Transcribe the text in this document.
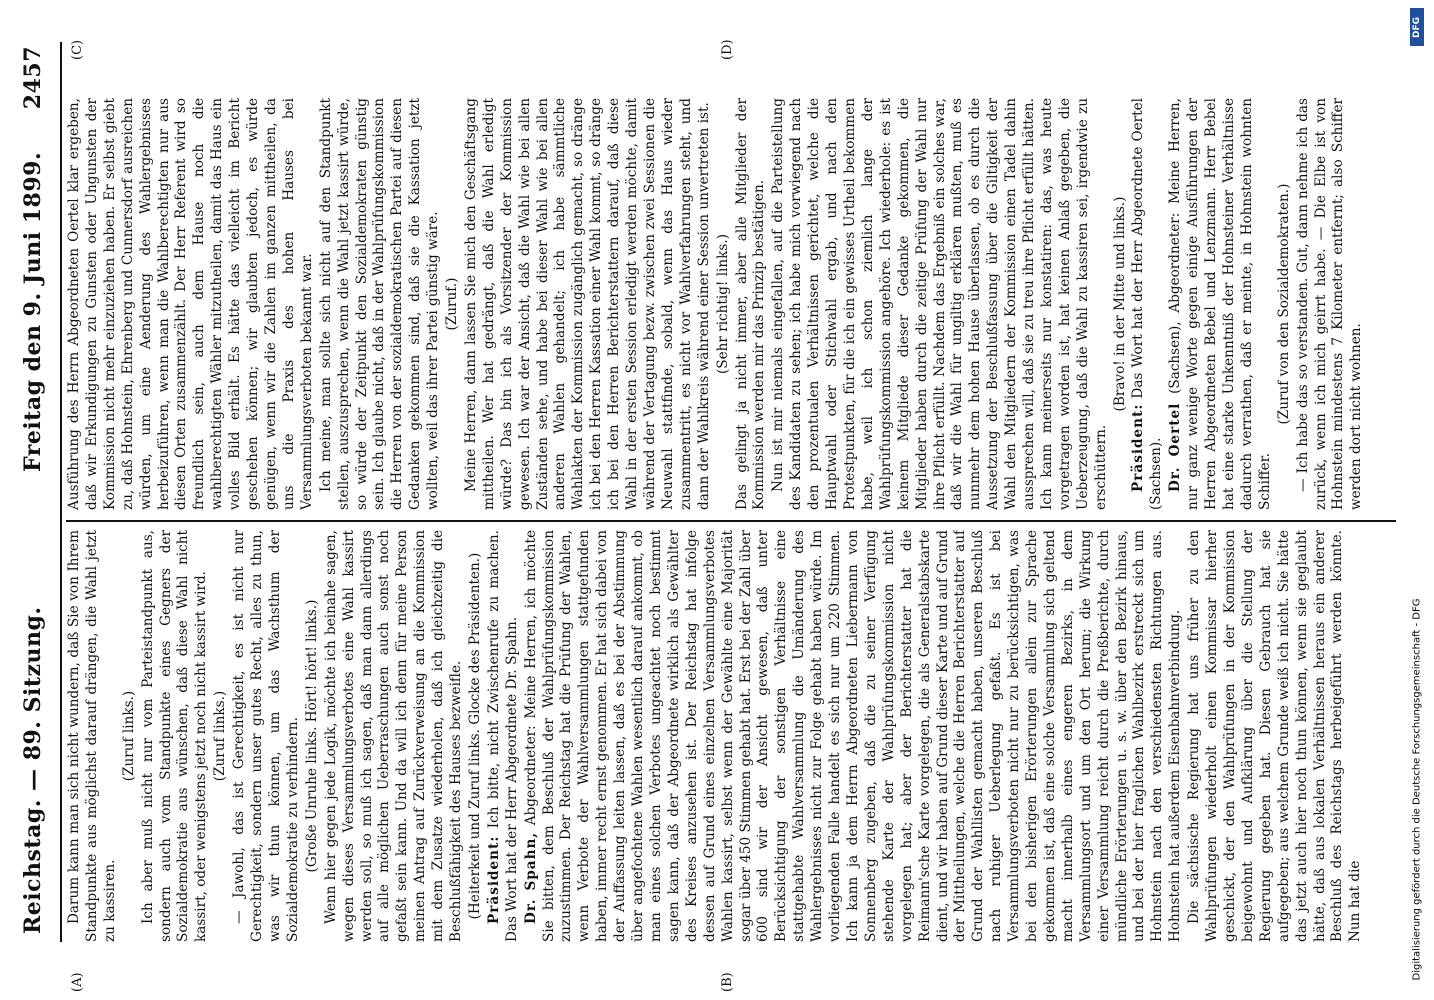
Reichstag. — 89. Sitzung.
Freitag den 9. Juni 1899.
2457
(A)	(B)
(C)	(D)

Darum kann man sich nicht wundern, daß Sie von Ihrem Standpunkte aus möglichst darauf drängen, die Wahl jetzt zu kassiren.

(Zuruf links.) Ich aber muß nicht nur vom Parteistandpunkt aus, sondern auch vom Standpunkte eines Gegners der Sozialdemokratie aus wünschen, daß diese Wahl nicht kassirt, oder wenigstens jetzt noch nicht kassirt wird. (Zuruf links.) — Jawohl, das ist Gerechtigkeit, es ist nicht nur Gerechtigkeit, sondern unser gutes Recht, alles zu thun, was wir thun können, um das Wachsthum der Sozialdemokratie zu verhindern. (Große Unruhe links. Hört! hört! links.) Wenn hier gegen jede Logik, möchte ich beinahe sagen, wegen dieses Versammlungsverbotes eine Wahl kassirt werden soll, so muß ich sagen, daß man dann allerdings auf alle möglichen Ueberraschungen auch sonst noch gefaßt sein kann. Und da will ich denn für meine Person meinen Antrag auf Zurückverweisung an die Kommission mit dem Zusatze wiederholen, daß ich gleichzeitig die Beschlußfähigkeit des Hauses bezweifle. (Heiterkeit und Zuruf links. Glocke des Präsidenten.) Präsident: Ich bitte, nicht Zwischenrufe zu machen. Das Wort hat der Herr Abgeordnete Dr. Spahn. Dr. Spahn, Abgeordneter: Meine Herren, ich möchte Sie bitten, dem Beschluß der Wahlprüfungskommission zuzustimmen. Der Reichstag hat die Prüfung der Wahlen, wenn Verbote der Wahlversammlungen stattgefunden haben, immer recht ernst genommen. Er hat sich dabei von der Auffassung leiten lassen, daß es bei der Abstimmung über angefochtene Wahlen wesentlich darauf ankommt, ob man eines solchen Verbotes ungeachtet noch bestimmt sagen kann, daß der Abgeordnete wirklich als Gewählter des Kreises anzusehen ist. Der Reichstag hat infolge dessen auf Grund eines einzelnen Versammlungsverbotes Wahlen kassirt, selbst wenn der Gewählte eine Majorität sogar über 450 Stimmen gehabt hat. Erst bei der Zahl über 600 sind wir der Ansicht gewesen, daß unter Berücksichtigung der sonstigen Verhältnisse eine stattgehabte Wahlversammlung die Umänderung des Wahlergebnisses nicht zur Folge gehabt haben würde. Im vorliegenden Falle handelt es sich nur um 220 Stimmen. Ich kann ja dem Herrn Abgeordneten Liebermann von Sonnenberg zugeben, daß die zu seiner Verfügung stehende Karte der Wahlprüfungskommission nicht vorgelegen hat; aber der Berichterstatter hat die Reimann'sche Karte vorgelegen, die als Generalstabskarte dient, und wir haben auf Grund dieser Karte und auf Grund der Mittheilungen, welche die Herren Berichterstatter auf Grund der Wahllisten gemacht haben, unseren Beschluß nach ruhiger Ueberlegung gefaßt. Es ist bei Versammlungsverboten nicht nur zu berücksichtigen, was bei den bisherigen Erörterungen allein zur Sprache gekommen ist, daß eine solche Versammlung sich geltend macht innerhalb eines engeren Bezirks, in dem Versammlungsort und um den Ort herum; die Wirkung einer Versammlung reicht durch die Preßberichte, durch mündliche Erörterungen u. s. w. über den Bezirk hinaus, und bei der hier fraglichen Wahlbezirk erstreckt sich um Hohnstein nach den verschiedensten Richtungen aus. Hohnstein hat außerdem Eisenbahnverbindung. Die sächsische Regierung hat uns früher zu den Wahlprüfungen wiederholt einen Kommissar hierher geschickt, der den Wahlprüfungen in der Kommission beigewohnt und Aufklärung über die Stellung der Regierung gegeben hat. Diesen Gebrauch hat sie aufgegeben; aus welchem Grunde weiß ich nicht. Sie hätte das jetzt auch hier noch thun können, wenn sie geglaubt hätte, daß aus lokalen Verhältnissen heraus ein anderer Beschluß des Reichstags herbeigeführt werden könnte. Nun hat die

Ausführung des Herrn Abgeordneten Oertel klar ergeben, daß wir Erkundigungen zu Gunsten oder Ungunsten der Kommission nicht mehr einzuziehen haben. Er selbst giebt zu, daß Hohnstein, Ehrenberg und Cunnersdorf ausreichen würden, um eine Aenderung des Wahlergebnisses herbeizuführen, wenn man die Wahlberechtigten nur aus diesen Orten zusammenzählt. Der Herr Referent wird so freundlich sein, auch dem Hause noch die wahlberechtigten Wähler mitzutheilen, damit das Haus ein volles Bild erhält. Es hätte das vielleicht im Bericht geschehen können; wir glaubten jedoch, es würde genügen, wenn wir die Zahlen im ganzen mittheilen, da uns die Praxis des hohen Hauses bei Versammlungsverboten bekannt war. Ich meine, man sollte sich nicht auf den Standpunkt stellen, auszusprechen, wenn die Wahl jetzt kassirt würde, so würde der Zeitpunkt den Sozialdemokraten günstig sein. Ich glaube nicht, daß in der Wahlprüfungskommission die Herren von der sozialdemokratischen Partei auf diesen Gedanken gekommen sind, daß sie die Kassation jetzt wollten, weil das ihrer Partei günstig wäre. (Zuruf.) Meine Herren, dann lassen Sie mich den Geschäftsgang mittheilen. Wer hat gedrängt, daß die Wahl erledigt würde? Das bin ich als Vorsitzender der Kommission gewesen. Ich war der Ansicht, daß die Wahl wie bei allen Zuständen sehe, und habe bei dieser Wahl wie bei allen anderen Wahlen gehandelt; ich habe sämmtliche Wahlakten der Kommission zugänglich gemacht, so dränge ich bei den Herren Kassation einer Wahl kommt, so dränge ich bei den Herren Berichterstattern darauf, daß diese Wahl in der ersten Session erledigt werden möchte, damit während der Vertagung bezw. zwischen zwei Sessionen die Neuwahl stattfinde, sobald, wenn das Haus wieder zusammentritt, es nicht vor Wahlverfahrungen steht, und dann der Wahlkreis während einer Session unvertreten ist. (Sehr richtig! links.) Das gelingt ja nicht immer, aber alle Mitglieder der Kommission werden mir das Prinzip bestätigen. Nun ist mir niemals eingefallen, auf die Parteistellung des Kandidaten zu sehen; ich habe mich vorwiegend nach den prozentualen Verhältnissen gerichtet, welche die Hauptwahl oder Stichwahl ergab, und nach den Protestpunkten, für die ich ein gewisses Urtheil bekommen habe, weil ich schon ziemlich lange der Wahlprüfungskommission angehöre. Ich wiederhole: es ist keinem Mitgliede dieser Gedanke gekommen, die Mitglieder haben durch die zeitige Prüfung der Wahl nur ihre Pflicht erfüllt. Nachdem das Ergebniß ein solches war, daß wir die Wahl für ungiltig erklären mußten, muß es nunmehr dem hohen Hause überlassen, ob es durch die Aussetzung der Beschlußfassung über die Giltigkeit der Wahl den Mitgliedern der Kommission einen Tadel dahin aussprechen will, daß sie zu treu ihre Pflicht erfüllt hätten. Ich kann meinerseits nur konstatiren: das, was heute vorgetragen worden ist, hat keinen Anlaß gegeben, die Ueberzeugung, daß die Wahl zu kassiren sei, irgendwie zu erschüttern.

(Bravo! in der Mitte und links.)

Präsident: Das Wort hat der Herr Abgeordnete Oertel (Sachsen). Dr. Oertel (Sachsen), Abgeordneter: Meine Herren, nur ganz wenige Worte gegen einige Ausführungen der Herren Abgeordneten Bebel und Lenzmann. Herr Bebel hat eine starke Unkenntniß der Hohnsteiner Verhältnisse dadurch verrathen, daß er meinte, in Hohnstein wohnten Schiffer.

(Zuruf von den Sozialdemokraten.) — Ich habe das so verstanden. Gut, dann nehme ich das zurück, wenn ich mich geirrt habe. — Die Elbe ist von Hohnstein mindestens 7 Kilometer entfernt; also Schiffer werden dort nicht wohnen.

DFG
Digitalisierung gefördert durch die Deutsche Forschungsgemeinschaft - DFG
